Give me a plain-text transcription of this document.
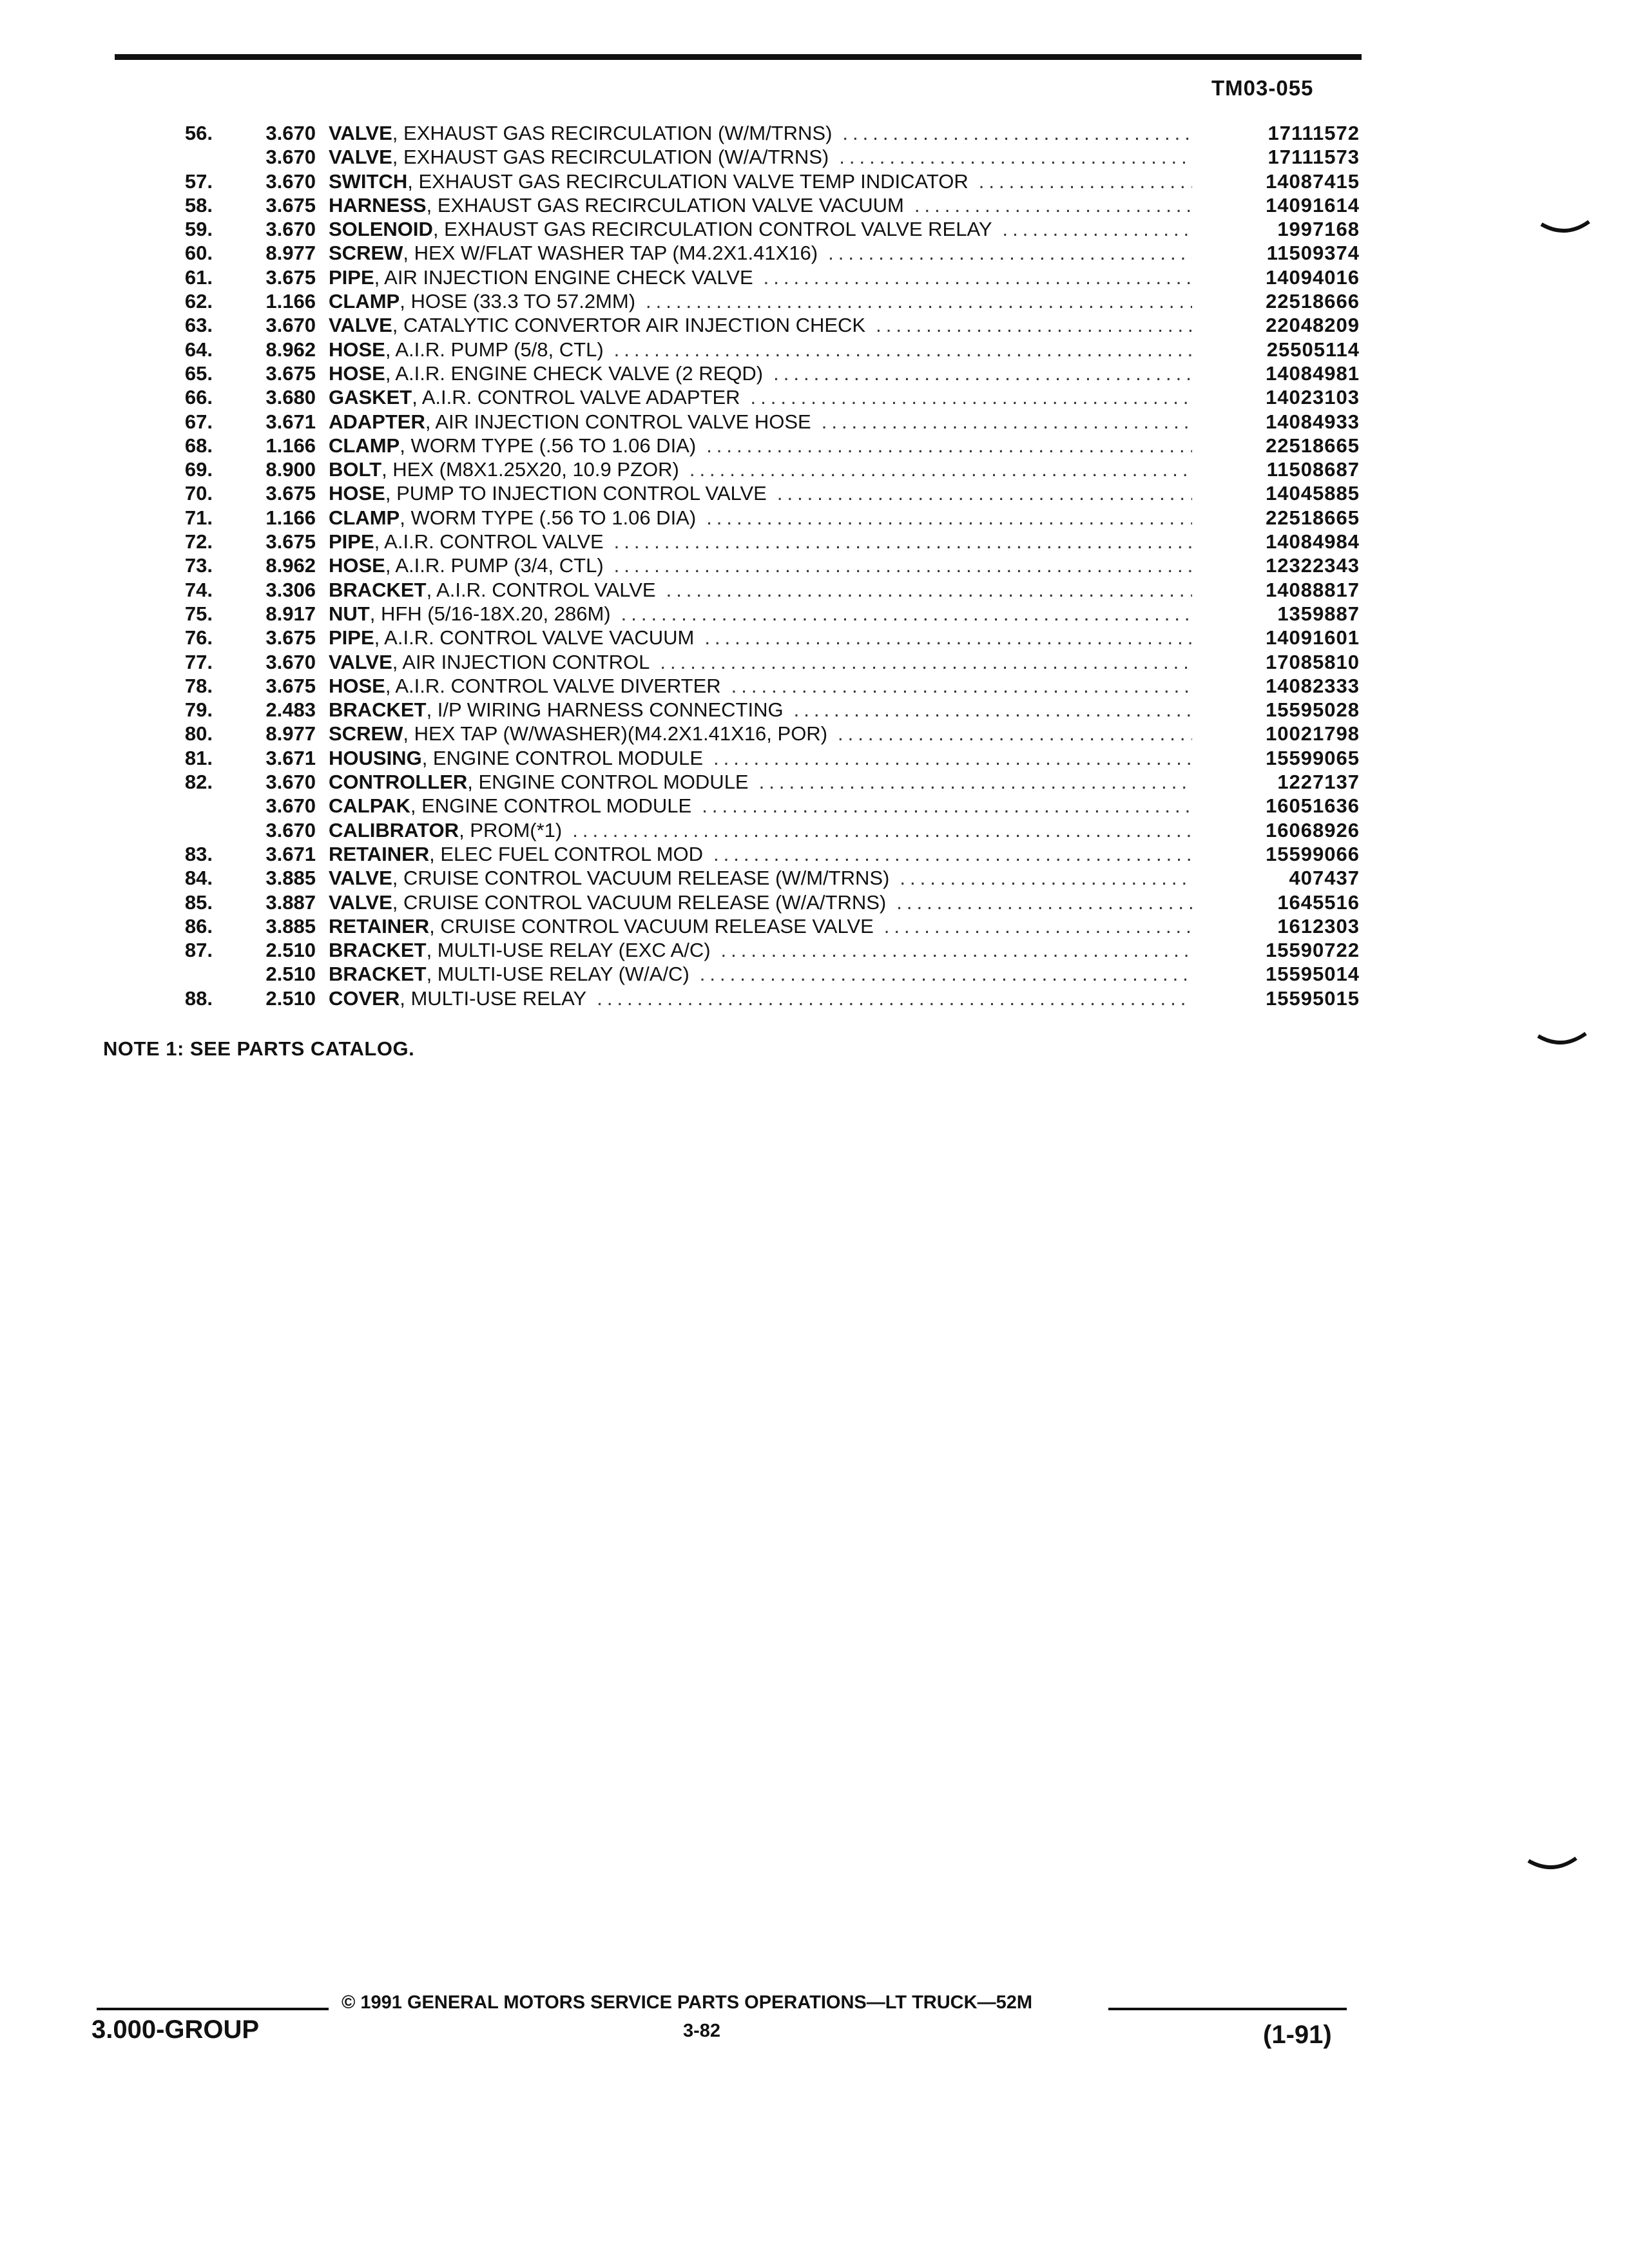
TM03-055
56.	3.670 VALVE , EXHAUST GAS RECIRCULATION (W/M/TRNS) .....	17111572
3.670 VALVE , EXHAUST GAS RECIRCULATION (W/A/TRNS) .....	17111573
57.	3.670 SWITCH , EXHAUST GAS RECIRCULATION VALVE TEMP INDICATOR .....	14087415
58.	3.675 HARNESS , EXHAUST GAS RECIRCULATION VALVE VACUUM .....	14091614
59.	3.670 SOLENOID , EXHAUST GAS RECIRCULATION CONTROL VALVE RELAY .....	1997168
60.	8.977 SCREW , HEX W/FLAT WASHER TAP (M4.2X1.41X16) .....	11509374
61.	3.675 PIPE , AIR INJECTION ENGINE CHECK VALVE .....	14094016
62.	1.166 CLAMP , HOSE (33.3 TO 57.2MM) .....	22518666
63.	3.670 VALVE , CATALYTIC CONVERTOR AIR INJECTION CHECK .....	22048209
64.	8.962 HOSE , A.I.R. PUMP (5/8, CTL) .....	25505114
65.	3.675 HOSE , A.I.R. ENGINE CHECK VALVE (2 REQD) .....	14084981
66.	3.680 GASKET , A.I.R. CONTROL VALVE ADAPTER .....	14023103
67.	3.671 ADAPTER , AIR INJECTION CONTROL VALVE HOSE .....	14084933
68.	1.166 CLAMP , WORM TYPE (.56 TO 1.06 DIA) .....	22518665
69.	8.900 BOLT , HEX (M8X1.25X20, 10.9 PZOR) .....	11508687
70.	3.675 HOSE , PUMP TO INJECTION CONTROL VALVE .....	14045885
71.	1.166 CLAMP , WORM TYPE (.56 TO 1.06 DIA) .....	22518665
72.	3.675 PIPE , A.I.R. CONTROL VALVE .....	14084984
73.	8.962 HOSE , A.I.R. PUMP (3/4, CTL) .....	12322343
74.	3.306 BRACKET , A.I.R. CONTROL VALVE .....	14088817
75.	8.917 NUT , HFH (5/16-18X.20, 286M) .....	1359887
76.	3.675 PIPE , A.I.R. CONTROL VALVE VACUUM .....	14091601
77.	3.670 VALVE , AIR INJECTION CONTROL .....	17085810
78.	3.675 HOSE , A.I.R. CONTROL VALVE DIVERTER .....	14082333
79.	2.483 BRACKET , I/P WIRING HARNESS CONNECTING .....	15595028
80.	8.977 SCREW , HEX TAP (W/WASHER)(M4.2X1.41X16, POR) .....	10021798
81.	3.671 HOUSING , ENGINE CONTROL MODULE .....	15599065
82.	3.670 CONTROLLER , ENGINE CONTROL MODULE .....	1227137
3.670 CALPAK , ENGINE CONTROL MODULE .....	16051636
3.670 CALIBRATOR , PROM(*1) .....	16068926
83.	3.671 RETAINER , ELEC FUEL CONTROL MOD .....	15599066
84.	3.885 VALVE , CRUISE CONTROL VACUUM RELEASE (W/M/TRNS) .....	407437
85.	3.887 VALVE , CRUISE CONTROL VACUUM RELEASE (W/A/TRNS) .....	1645516
86.	3.885 RETAINER , CRUISE CONTROL VACUUM RELEASE VALVE .....	1612303
87.	2.510 BRACKET , MULTI-USE RELAY (EXC A/C) .....	15590722
2.510 BRACKET , MULTI-USE RELAY (W/A/C) .....	15595014
88.	2.510 COVER , MULTI-USE RELAY .....	15595015
NOTE 1: SEE PARTS CATALOG.
© 1991 GENERAL MOTORS SERVICE PARTS OPERATIONS—LT TRUCK—52M
3.000-GROUP	3-82	(1-91)
